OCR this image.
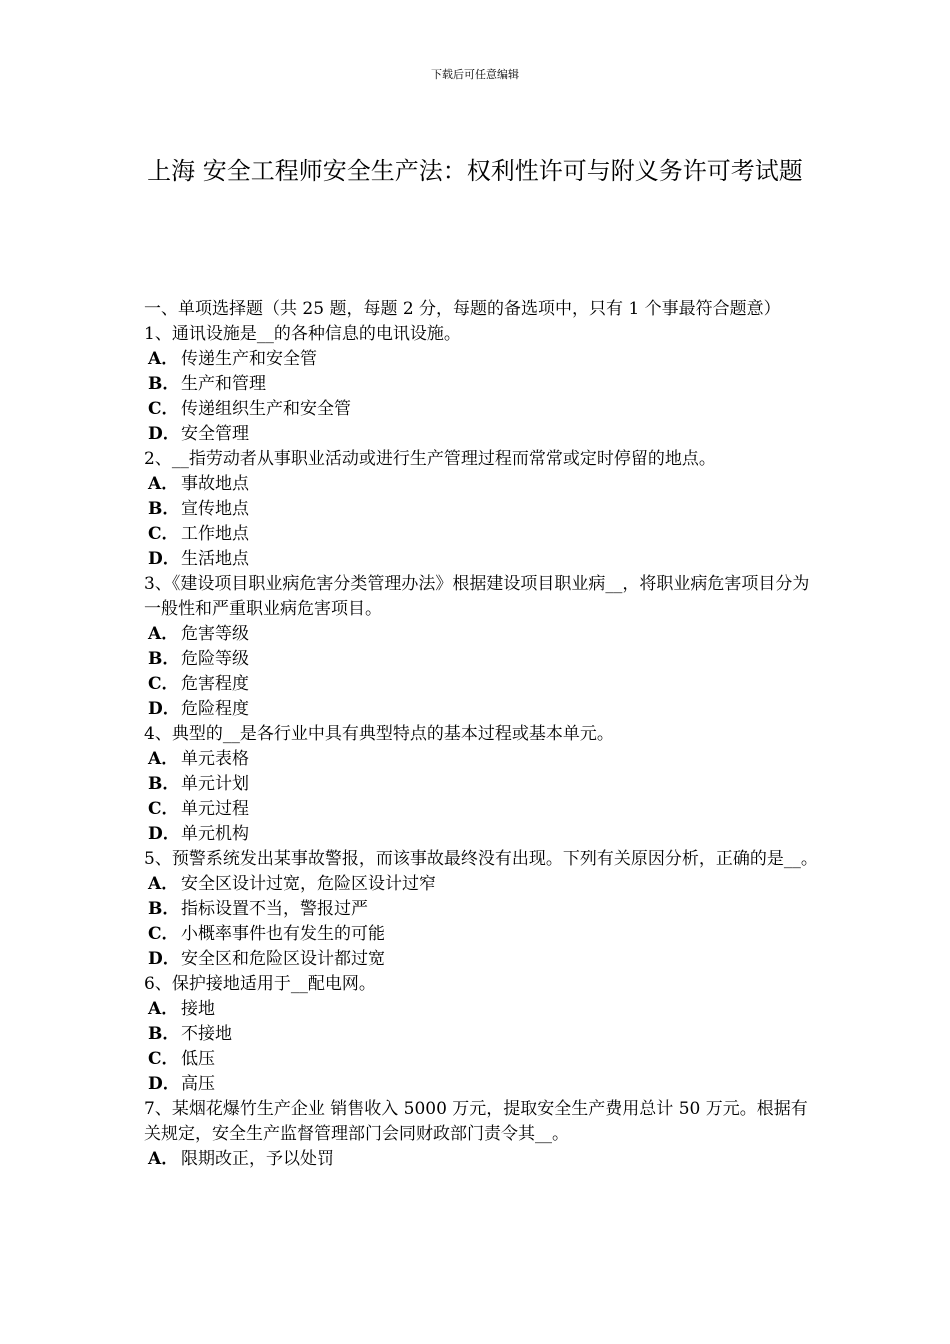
下载后可任意编辑
上海 安全工程师安全生产法：权利性许可与附义务许可考试题

一、单项选择题（共 25 题，每题 2 分，每题的备选项中，只有 1 个事最符合题意）

1、通讯设施是__的各种信息的电讯设施。

A． 传递生产和安全管

B．生产和管理

C． 传递组织生产和安全管

D．安全管理

2、__指劳动者从事职业活动或进行生产管理过程而常常或定时停留的地点。

A． 事故地点

B．宣传地点

C． 工作地点

D．生活地点

3、《建设项目职业病危害分类管理办法》根据建设项目职业病__，将职业病危害项目分为一般性和严重职业病危害项目。

A． 危害等级

B．危险等级

C． 危害程度

D．危险程度

4、典型的__是各行业中具有典型特点的基本过程或基本单元。

A． 单元表格

B．单元计划

C． 单元过程

D．单元机构

5、预警系统发出某事故警报，而该事故最终没有出现。下列有关原因分析，正确的是__。

A． 安全区设计过宽，危险区设计过窄

B．指标设置不当，警报过严

C． 小概率事件也有发生的可能

D．安全区和危险区设计都过宽

6、保护接地适用于__配电网。

A． 接地

B．不接地

C． 低压

D．高压

7、某烟花爆竹生产企业 销售收入 5000 万元，提取安全生产费用总计 50 万元。根据有关规定，安全生产监督管理部门会同财政部门责令其__。

A． 限期改正，予以处罚
